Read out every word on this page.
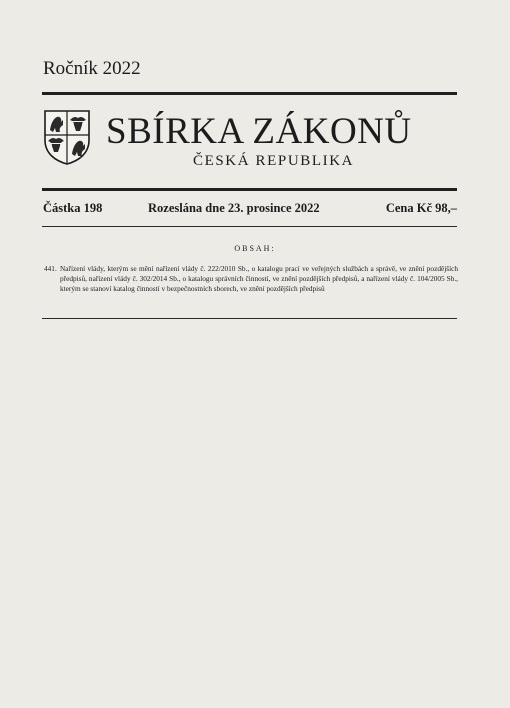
Ročník 2022
SBÍRKA ZÁKONŮ
ČESKÁ REPUBLIKA
Částka 198	Rozeslána dne 23. prosince 2022	Cena Kč 98,–
OBSAH:
441. Nařízení vlády, kterým se mění nařízení vlády č. 222/2010 Sb., o katalogu prací ve veřejných službách a správě, ve znění pozdějších předpisů, nařízení vlády č. 302/2014 Sb., o katalogu správních činností, ve znění pozdějších předpisů, a nařízení vlády č. 104/2005 Sb., kterým se stanoví katalog činností v bezpečnostních sborech, ve znění pozdějších předpisů
